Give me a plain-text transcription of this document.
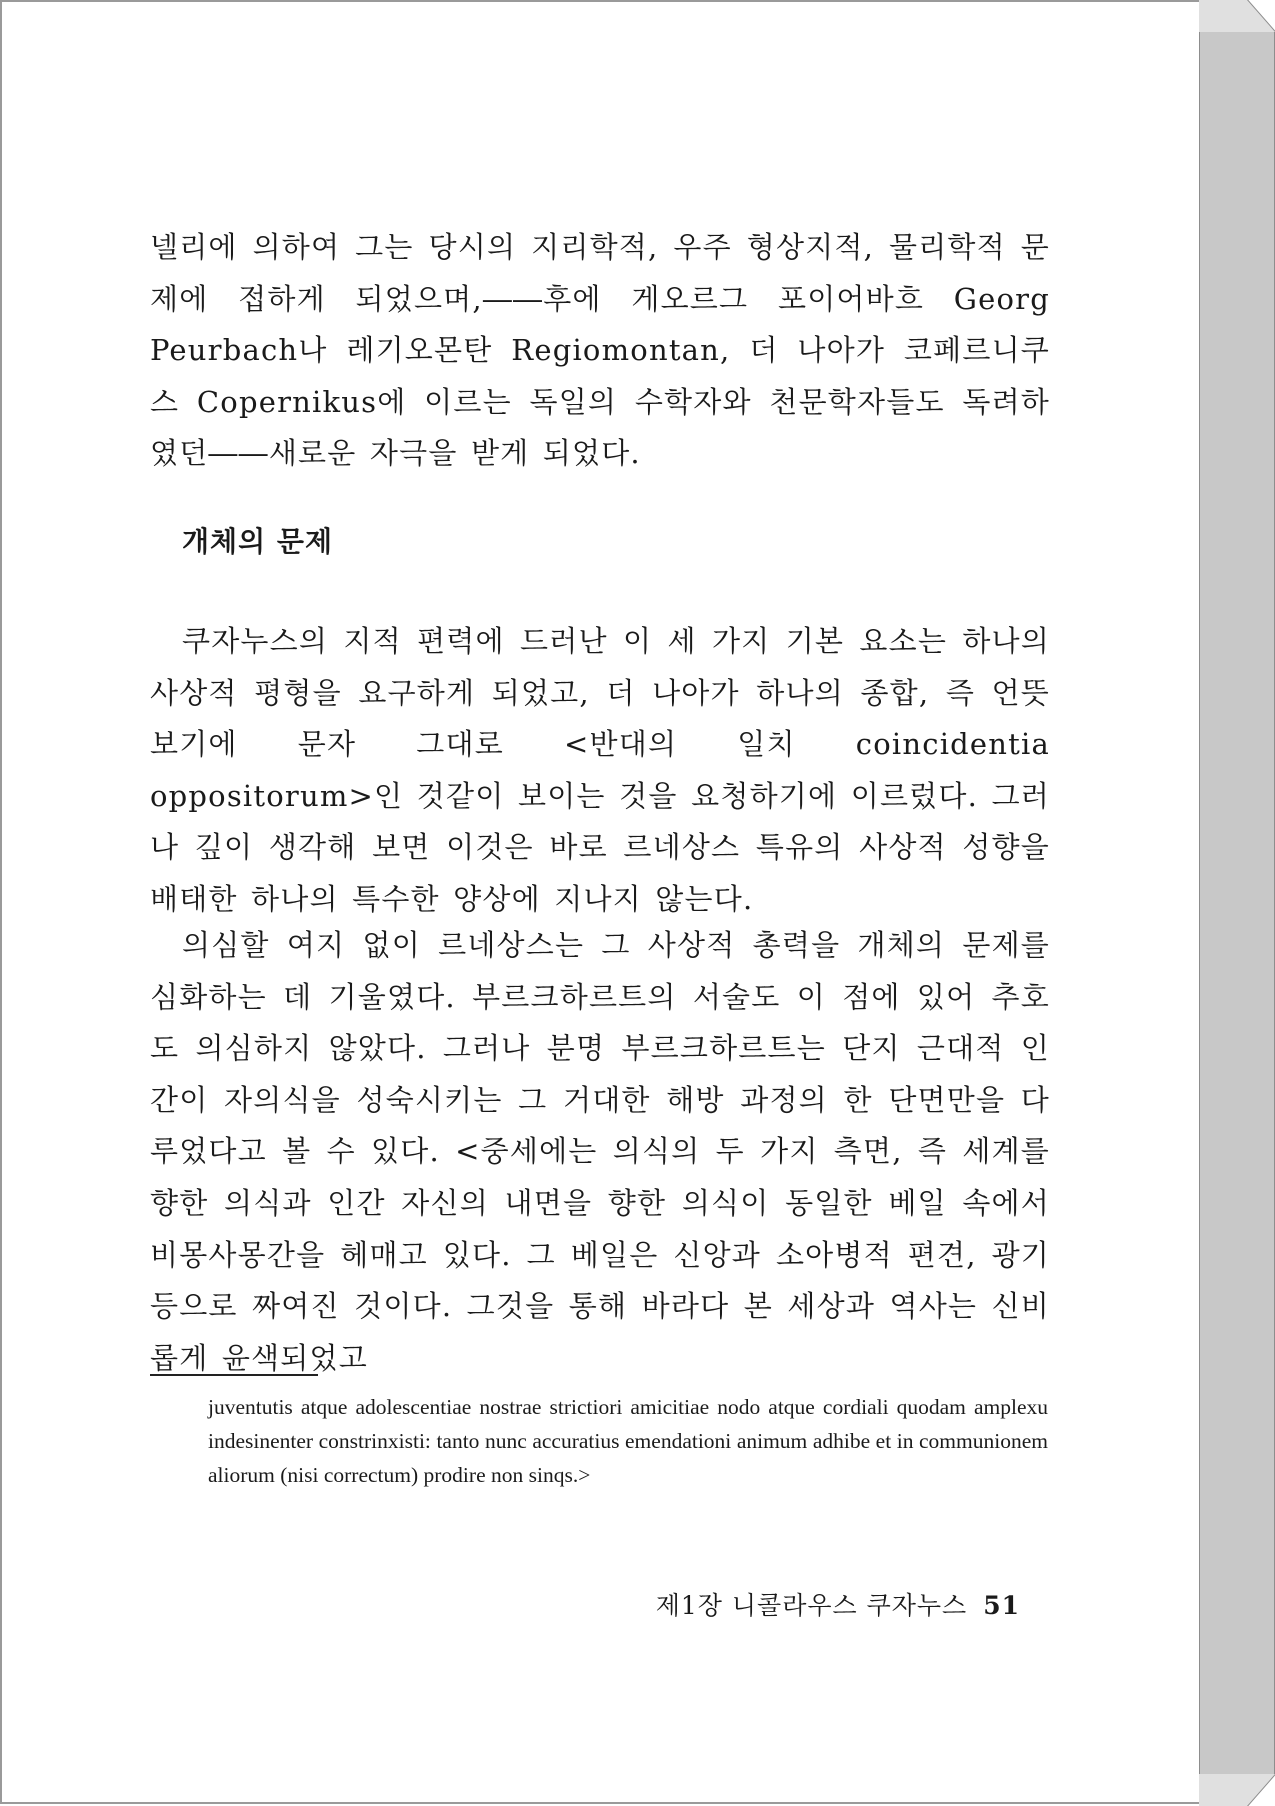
넬리에 의하여 그는 당시의 지리학적, 우주 형상지적, 물리학적 문제에 접하게 되었으며,――후에 게오르그 포이어바흐 Georg Peurbach나 레기오몬탄 Regiomontan, 더 나아가 코페르니쿠스 Copernikus에 이르는 독일의 수학자와 천문학자들도 독려하였던――새로운 자극을 받게 되었다.

개체의 문제

쿠자누스의 지적 편력에 드러난 이 세 가지 기본 요소는 하나의 사상적 평형을 요구하게 되었고, 더 나아가 하나의 종합, 즉 언뜻 보기에 문자 그대로 <반대의 일치 coincidentia oppositorum>인 것같이 보이는 것을 요청하기에 이르렀다. 그러나 깊이 생각해 보면 이것은 바로 르네상스 특유의 사상적 성향을 배태한 하나의 특수한 양상에 지나지 않는다.

의심할 여지 없이 르네상스는 그 사상적 총력을 개체의 문제를 심화하는 데 기울였다. 부르크하르트의 서술도 이 점에 있어 추호도 의심하지 않았다. 그러나 분명 부르크하르트는 단지 근대적 인간이 자의식을 성숙시키는 그 거대한 해방 과정의 한 단면만을 다루었다고 볼 수 있다. <중세에는 의식의 두 가지 측면, 즉 세계를 향한 의식과 인간 자신의 내면을 향한 의식이 동일한 베일 속에서 비몽사몽간을 헤매고 있다. 그 베일은 신앙과 소아병적 편견, 광기 등으로 짜여진 것이다. 그것을 통해 바라다 본 세상과 역사는 신비롭게 윤색되었고

juventutis atque adolescentiae nostrae strictiori amicitiae nodo atque cordiali quodam amplexu indesinenter constrinxisti: tanto nunc accuratius emendationi animum adhibe et in communionem aliorum (nisi correctum) prodire non sinqs.>

제1장 니콜라우스 쿠자누스 51
